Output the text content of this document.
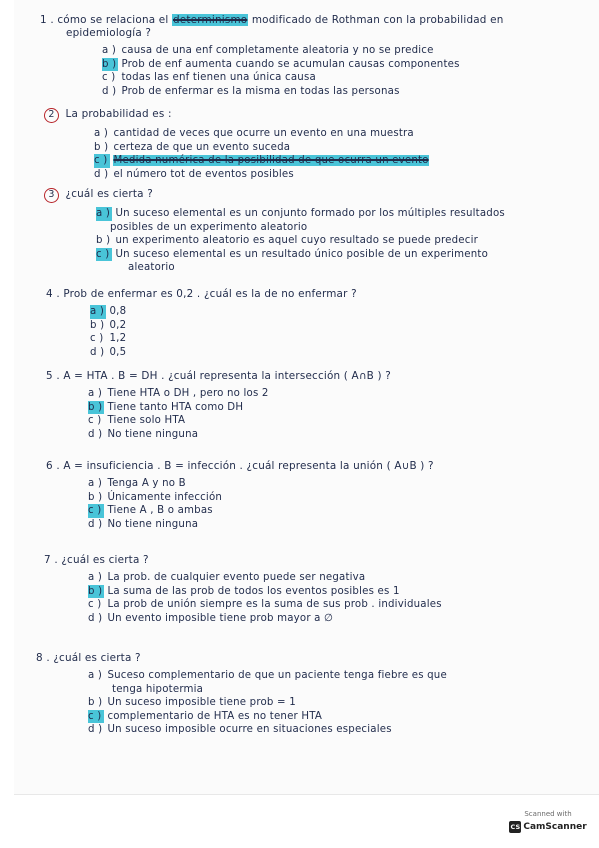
1 . cómo se relaciona el determinismo modificado de Rothman con la probabilidad en
epidemiología ?
a ) causa de una enf completamente aleatoria y no se predice
b ) Prob de enf aumenta cuando se acumulan causas componentes
c ) todas las enf tienen una única causa
d ) Prob de enfermar es la misma en todas las personas
2 La probabilidad es :
a ) cantidad de veces que ocurre un evento en una muestra
b ) certeza de que un evento suceda
c ) Medida numérica de la posibilidad de que ocurra un evento
d ) el número tot de eventos posibles
3 ¿cuál es cierta ?
a ) Un suceso elemental es un conjunto formado por los múltiples resultados
posibles de un experimento aleatorio
b ) un experimento aleatorio es aquel cuyo resultado se puede predecir
c ) Un suceso elemental es un resultado único posible de un experimento
aleatorio
4 . Prob de enfermar es 0,2 . ¿cuál es la de no enfermar ?
a ) 0,8
b ) 0,2
c ) 1,2
d ) 0,5
5 . A = HTA . B = DH . ¿cuál representa la intersección ( A∩B ) ?
a ) Tiene HTA o DH , pero no los 2
b ) Tiene tanto HTA como DH
c ) Tiene solo HTA
d ) No tiene ninguna
6 . A = insuficiencia . B = infección . ¿cuál representa la unión ( A∪B ) ?
a ) Tenga A y no B
b ) Únicamente infección
c ) Tiene A , B o ambas
d ) No tiene ninguna
7 . ¿cuál es cierta ?
a ) La prob. de cualquier evento puede ser negativa
b ) La suma de las prob de todos los eventos posibles es 1
c ) La prob de unión siempre es la suma de sus prob . individuales
d ) Un evento imposible tiene prob mayor a ∅
8 . ¿cuál es cierta ?
a ) Suceso complementario de que un paciente tenga fiebre es que
tenga hipotermia
b ) Un suceso imposible tiene prob = 1
c ) complementario de HTA es no tener HTA
d ) Un suceso imposible ocurre en situaciones especiales
Scanned with
CS CamScanner
